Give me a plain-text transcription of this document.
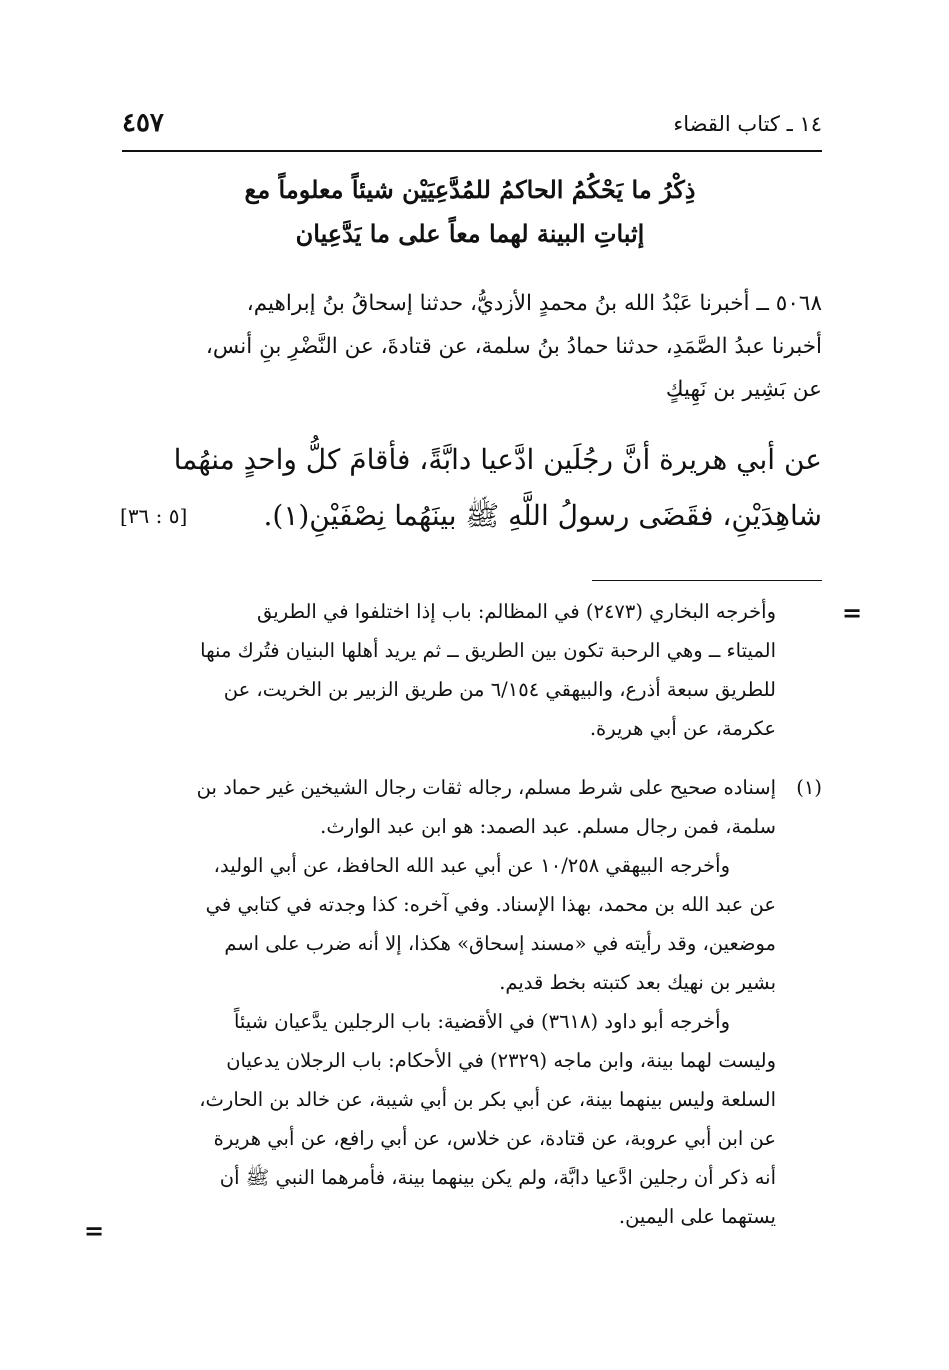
١٤ ـ كتاب القضاء
٤٥٧
ذِكْرُ ما يَحْكُمُ الحاكمُ للمُدَّعِيَيْن شيئاً معلوماً مع
إثباتِ البينة لهما معاً على ما يَدَّعِيان
٥٠٦٨ ــ أخبرنا عَبْدُ الله بنُ محمدٍ الأزديُّ، حدثنا إسحاقُ بنُ إبراهيم،
أخبرنا عبدُ الصَّمَدِ، حدثنا حمادُ بنُ سلمة، عن قتادةَ، عن النَّضْرِ بنِ أنس،
عن بَشِير بن نَهِيكٍ
عن أبي هريرة أنَّ رجُلَين ادَّعيا دابَّةً، فأقامَ كلُّ واحدٍ منهُما
شاهِدَيْنِ، فقَضَى رسولُ اللَّهِ ﷺ بينَهُما نِصْفَيْنِ(١).
[٥ : ٣٦]
=
وأخرجه البخاري (٢٤٧٣) في المظالم: باب إذا اختلفوا في الطريق
الميتاء ــ وهي الرحبة تكون بين الطريق ــ ثم يريد أهلها البنيان فتُرك منها
للطريق سبعة أذرع، والبيهقي ٦/١٥٤ من طريق الزبير بن الخريت، عن
عكرمة، عن أبي هريرة.
(١)
إسناده صحيح على شرط مسلم، رجاله ثقات رجال الشيخين غير حماد بن
سلمة، فمن رجال مسلم. عبد الصمد: هو ابن عبد الوارث.
وأخرجه البيهقي ١٠/٢٥٨ عن أبي عبد الله الحافظ، عن أبي الوليد،
عن عبد الله بن محمد، بهذا الإسناد. وفي آخره: كذا وجدته في كتابي في
موضعين، وقد رأيته في «مسند إسحاق» هكذا، إلا أنه ضرب على اسم
بشير بن نهيك بعد كتبته بخط قديم.
وأخرجه أبو داود (٣٦١٨) في الأقضية: باب الرجلين يدَّعيان شيئاً
وليست لهما بينة، وابن ماجه (٢٣٢٩) في الأحكام: باب الرجلان يدعيان
السلعة وليس بينهما بينة، عن أبي بكر بن أبي شيبة، عن خالد بن الحارث،
عن ابن أبي عروبة، عن قتادة، عن خلاس، عن أبي رافع، عن أبي هريرة
أنه ذكر أن رجلين ادَّعيا دابَّة، ولم يكن بينهما بينة، فأمرهما النبي ﷺ أن
يستهما على اليمين.
=
